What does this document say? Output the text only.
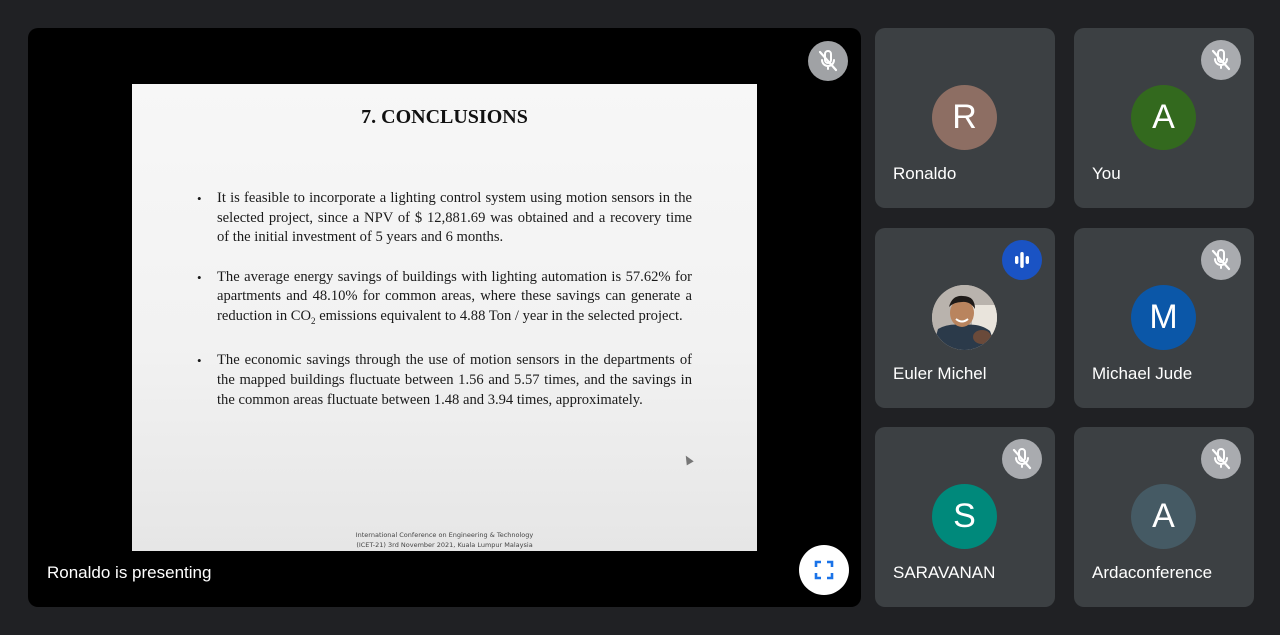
7. CONCLUSIONS
• It is feasible to incorporate a lighting control system using motion sensors in the selected project, since a NPV of $ 12,881.69 was obtained and a recovery time of the initial investment of 5 years and 6 months.
• The average energy savings of buildings with lighting automation is 57.62% for apartments and 48.10% for common areas, where these savings can generate a reduction in $CO_2$ emissions equivalent to 4.88 Ton / year in the selected project.
• The economic savings through the use of motion sensors in the departments of the mapped buildings fluctuate between 1.56 and 5.57 times, and the savings in the common areas fluctuate between 1.48 and 3.94 times, approximately.
International Conference on Engineering & Technology
(ICET-21) 3rd November 2021, Kuala Lumpur Malaysia
Ronaldo is presenting
R
Ronaldo
A
You
Euler Michel
M
Michael Jude
S
SARAVANAN
A
Ardaconference
